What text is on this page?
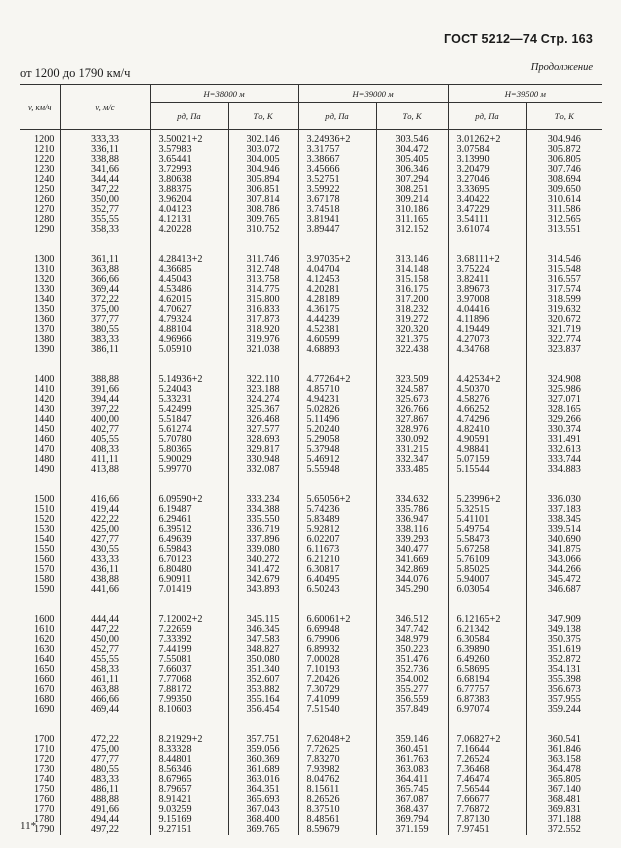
ГОСТ 5212—74 Стр. 163
Продолжение
от 1200 до 1790 км/ч
v, км/ч	v, м/с	H=38000 м		H=39000 м		H=39500 м	
		pд, Па	Tо, К	pд, Па	Tо, К	pд, Па	Tо, К

1200	333,33	3.50021+2	302.146	3.24936+2	303.546	3.01262+2	304.946
1210	336,11	3.57983	303.072	3.31757	304.472	3.07584	305.872
1220	338,88	3.65441	304.005	3.38667	305.405	3.13990	306.805
1230	341,66	3.72993	304.946	3.45666	306.346	3.20479	307.746
1240	344,44	3.80638	305.894	3.52751	307.294	3.27046	308.694
1250	347,22	3.88375	306.851	3.59922	308.251	3.33695	309.650
1260	350,00	3.96204	307.814	3.67178	309.214	3.40422	310.614
1270	352,77	4.04123	308.786	3.74518	310.186	3.47229	311.586
1280	355,55	4.12131	309.765	3.81941	311.165	3.54111	312.565
1290	358,33	4.20228	310.752	3.89447	312.152	3.61074	313.551

1300	361,11	4.28413+2	311.746	3.97035+2	313.146	3.68111+2	314.546
1310	363,88	4.36685	312.748	4.04704	314.148	3.75224	315.548
1320	366,66	4.45043	313.758	4.12453	315.158	3.82411	316.557
1330	369,44	4.53486	314.775	4.20281	316.175	3.89673	317.574
1340	372,22	4.62015	315.800	4.28189	317.200	3.97008	318.599
1350	375,00	4.70627	316.833	4.36175	318.232	4.04416	319.632
1360	377,77	4.79324	317.873	4.44239	319.272	4.11896	320.672
1370	380,55	4.88104	318.920	4.52381	320.320	4.19449	321.719
1380	383,33	4.96966	319.976	4.60599	321.375	4.27073	322.774
1390	386,11	5.05910	321.038	4.68893	322.438	4.34768	323.837

1400	388,88	5.14936+2	322.110	4.77264+2	323.509	4.42534+2	324.908
1410	391,66	5.24043	323.188	4.85710	324.587	4.50370	325.986
1420	394,44	5.33231	324.274	4.94231	325.673	4.58276	327.071
1430	397,22	5.42499	325.367	5.02826	326.766	4.66252	328.165
1440	400,00	5.51847	326.468	5.11496	327.867	4.74296	329.266
1450	402,77	5.61274	327.577	5.20240	328.976	4.82410	330.374
1460	405,55	5.70780	328.693	5.29058	330.092	4.90591	331.491
1470	408,33	5.80365	329.817	5.37948	331.215	4.98841	332.613
1480	411,11	5.90029	330.948	5.46912	332.347	5.07159	333.744
1490	413,88	5.99770	332.087	5.55948	333.485	5.15544	334.883

1500	416,66	6.09590+2	333.234	5.65056+2	334.632	5.23996+2	336.030
1510	419,44	6.19487	334.388	5.74236	335.786	5.32515	337.183
1520	422,22	6.29461	335.550	5.83489	336.947	5.41101	338.345
1530	425,00	6.39512	336.719	5.92812	338.116	5.49754	339.514
1540	427,77	6.49639	337.896	6.02207	339.293	5.58473	340.690
1550	430,55	6.59843	339.080	6.11673	340.477	5.67258	341.875
1560	433,33	6.70123	340.272	6.21210	341.669	5.76109	343.066
1570	436,11	6.80480	341.472	6.30817	342.869	5.85025	344.266
1580	438,88	6.90911	342.679	6.40495	344.076	5.94007	345.472
1590	441,66	7.01419	343.893	6.50243	345.290	6.03054	346.687

1600	444,44	7.12002+2	345.115	6.60061+2	346.512	6.12165+2	347.909
1610	447,22	7.22659	346.345	6.69948	347.742	6.21342	349.138
1620	450,00	7.33392	347.583	6.79906	348.979	6.30584	350.375
1630	452,77	7.44199	348.827	6.89932	350.223	6.39890	351.619
1640	455,55	7.55081	350.080	7.00028	351.476	6.49260	352.872
1650	458,33	7.66037	351.340	7.10193	352.736	6.58695	354.131
1660	461,11	7.77068	352.607	7.20426	354.002	6.68194	355.398
1670	463,88	7.88172	353.882	7.30729	355.277	6.77757	356.673
1680	466,66	7.99350	355.164	7.41099	356.559	6.87383	357.955
1690	469,44	8.10603	356.454	7.51540	357.849	6.97074	359.244

1700	472,22	8.21929+2	357.751	7.62048+2	359.146	7.06827+2	360.541
1710	475,00	8.33328	359.056	7.72625	360.451	7.16644	361.846
1720	477,77	8.44801	360.369	7.83270	361.763	7.26524	363.158
1730	480,55	8.56346	361.689	7.93982	363.083	7.36468	364.478
1740	483,33	8.67965	363.016	8.04762	364.411	7.46474	365.805
1750	486,11	8.79657	364.351	8.15611	365.745	7.56544	367.140
1760	488,88	8.91421	365.693	8.26526	367.087	7.66677	368.481
1770	491,66	9.03259	367.043	8.37510	368.437	7.76872	369.831
1780	494,44	9.15169	368.400	8.48561	369.794	7.87130	371.188
1790	497,22	9.27151	369.765	8.59679	371.159	7.97451	372.552
11*
